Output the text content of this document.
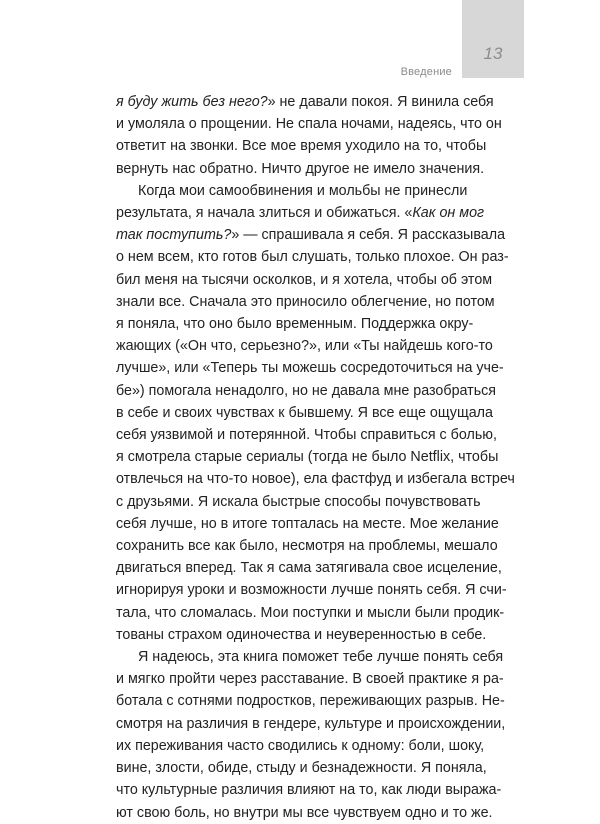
13
Введение

я буду жить без него?» не давали покоя. Я винила себя
и умоляла о прощении. Не спала ночами, надеясь, что он
ответит на звонки. Все мое время уходило на то, чтобы
вернуть нас обратно. Ничто другое не имело значения.

Когда мои самообвинения и мольбы не принесли
результата, я начала злиться и обижаться. «Как он мог
так поступить?» — спрашивала я себя. Я рассказывала
о нем всем, кто готов был слушать, только плохое. Он раз-
бил меня на тысячи осколков, и я хотела, чтобы об этом
знали все. Сначала это приносило облегчение, но потом
я поняла, что оно было временным. Поддержка окру-
жающих («Он что, серьезно?», или «Ты найдешь кого-то
лучше», или «Теперь ты можешь сосредоточиться на уче-
бе») помогала ненадолго, но не давала мне разобраться
в себе и своих чувствах к бывшему. Я все еще ощущала
себя уязвимой и потерянной. Чтобы справиться с болью,
я смотрела старые сериалы (тогда не было Netflix, чтобы
отвлечься на что-то новое), ела фастфуд и избегала встреч
с друзьями. Я искала быстрые способы почувствовать
себя лучше, но в итоге топталась на месте. Мое желание
сохранить все как было, несмотря на проблемы, мешало
двигаться вперед. Так я сама затягивала свое исцеление,
игнорируя уроки и возможности лучше понять себя. Я счи-
тала, что сломалась. Мои поступки и мысли были продик-
тованы страхом одиночества и неуверенностью в себе.

Я надеюсь, эта книга поможет тебе лучше понять себя
и мягко пройти через расставание. В своей практике я ра-
ботала с сотнями подростков, переживающих разрыв. Не-
смотря на различия в гендере, культуре и происхождении,
их переживания часто сводились к одному: боли, шоку,
вине, злости, обиде, стыду и безнадежности. Я поняла,
что культурные различия влияют на то, как люди выража-
ют свою боль, но внутри мы все чувствуем одно и то же.
